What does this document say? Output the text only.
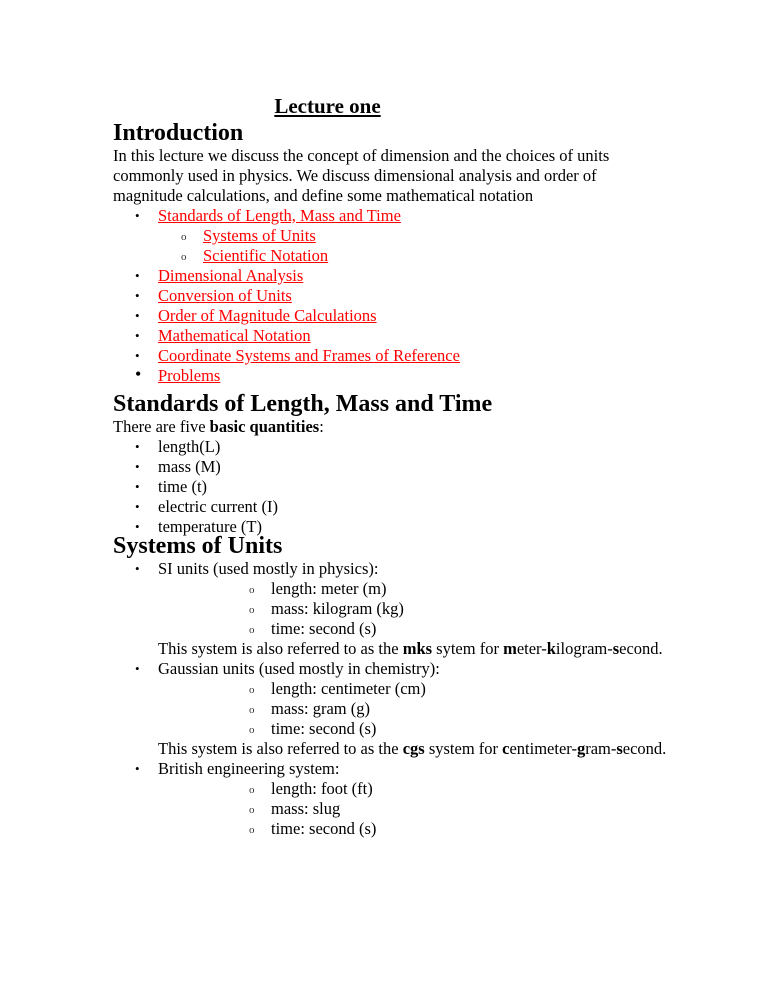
Lecture one
Introduction

In this lecture we discuss the concept of dimension and the choices of units

commonly used in physics. We discuss dimensional analysis and order of

magnitude calculations, and define some mathematical notation

• Standards of Length, Mass and Time
o Systems of Units
o Scientific Notation
• Dimensional Analysis
• Conversion of Units
• Order of Magnitude Calculations
• Mathematical Notation
• Coordinate Systems and Frames of Reference
• Problems
Standards of Length, Mass and Time

There are five basic quantities:

• length(L)
• mass (M)
• time (t)
• electric current (I)
• temperature (T)
Systems of Units
• SI units (used mostly in physics):
o length: meter (m)
o mass: kilogram (kg)
o time: second (s)

This system is also referred to as the mks sytem for meter-kilogram-second.

• Gaussian units (used mostly in chemistry):
o length: centimeter (cm)
o mass: gram (g)
o time: second (s)

This system is also referred to as the cgs system for centimeter-gram-second.

• British engineering system:
o length: foot (ft)
o mass: slug
o time: second (s)
